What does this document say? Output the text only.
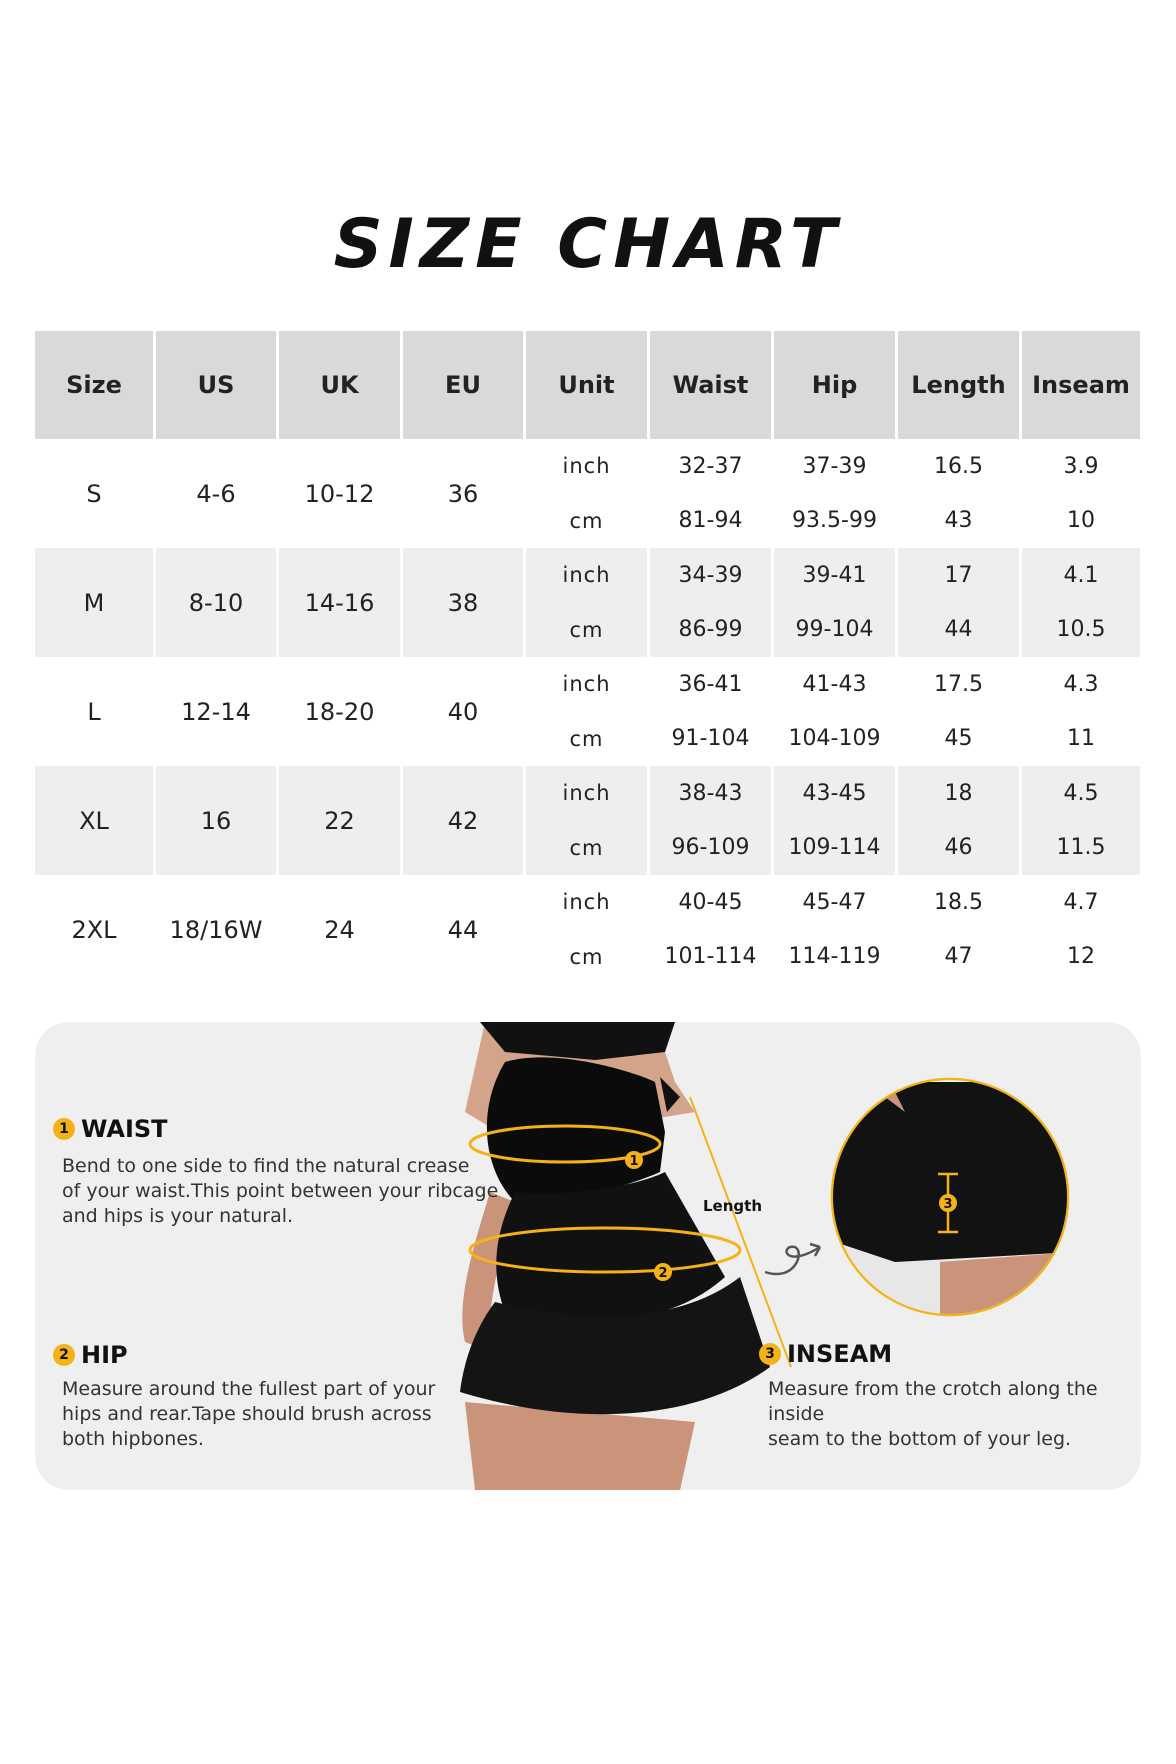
SIZE CHART
Size	US	UK	EU	Unit	Waist	Hip	Length	Inseam
S	4-6	10-12	36	inch	32-37	37-39	16.5	3.9
				cm	81-94	93.5-99	43	10
M	8-10	14-16	38	inch	34-39	39-41	17	4.1
				cm	86-99	99-104	44	10.5
L	12-14	18-20	40	inch	36-41	41-43	17.5	4.3
				cm	91-104	104-109	45	11
XL	16	22	42	inch	38-43	43-45	18	4.5
				cm	96-109	109-114	46	11.5
2XL	18/16W	24	44	inch	40-45	45-47	18.5	4.7
				cm	101-114	114-119	47	12
1
2
Length	3
1 WAIST
Bend to one side to find the natural crease
of your waist.This point between your ribcage
and hips is your natural.
2 HIP
Measure around the fullest part of your
hips and rear.Tape should brush across
both hipbones.
3 INSEAM
Measure from the crotch along the inside
seam to the bottom of your leg.
